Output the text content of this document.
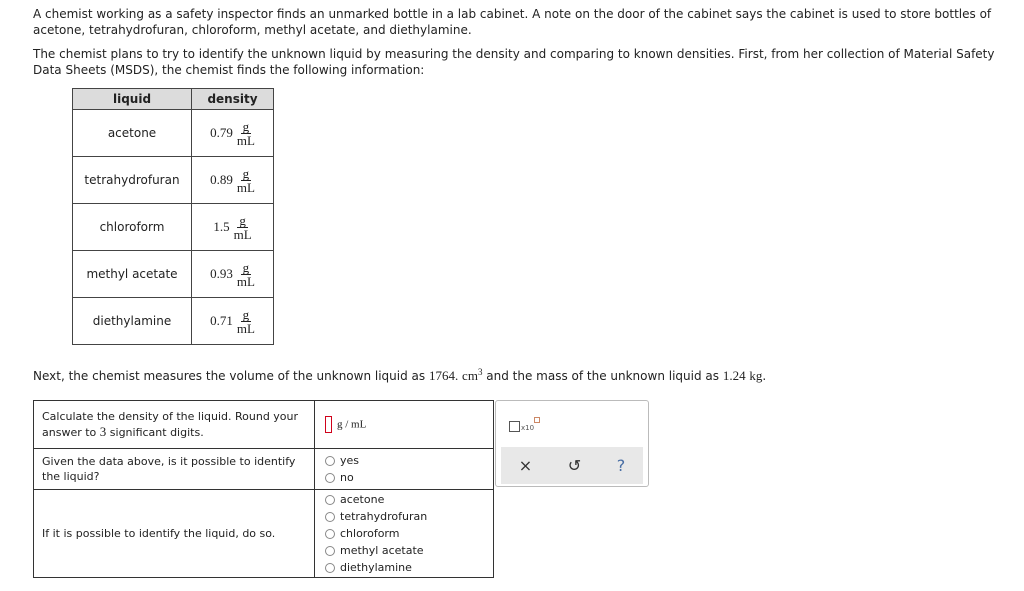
A chemist working as a safety inspector finds an unmarked bottle in a lab cabinet. A note on the door of the cabinet says the cabinet is used to store bottles of acetone, tetrahydrofuran, chloroform, methyl acetate, and diethylamine.

The chemist plans to try to identify the unknown liquid by measuring the density and comparing to known densities. First, from her collection of Material Safety Data Sheets (MSDS), the chemist finds the following information:

liquid	density
acetone	$0.79 \frac{g}{mL}$

tetrahydrofuran	$0.89 \frac{g}{mL}$

chloroform	$1.5 \frac{g}{mL}$

methyl acetate	$0.93 \frac{g}{mL}$

diethylamine	$0.71 \frac{g}{mL}$

Next, the chemist measures the volume of the unknown liquid as 1764. $cm^3$ and the mass of the unknown liquid as 1.24 kg.

Calculate the density of the liquid. Round your answer to 3 significant digits.	g / mL
Given the data above, is it possible to identify the liquid?	yes
no

If it is possible to identify the liquid, do so.	acetone
tetrahydrofuran
chloroform
methyl acetate
diethylamine
x10
× ↺ ?
